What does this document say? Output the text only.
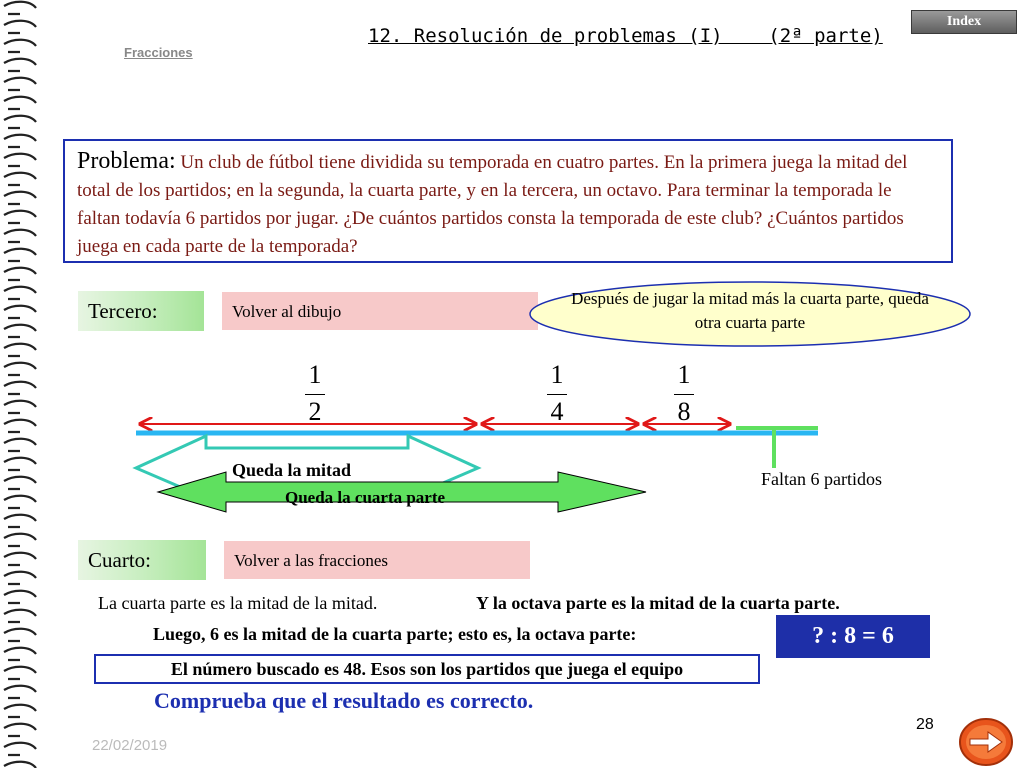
12. Resolución de problemas (I)    (2ª parte)
Fracciones
Index
Problema: Un club de fútbol tiene dividida su temporada en cuatro partes. En la primera juega la mitad del total de los partidos; en la segunda, la cuarta parte, y en la tercera, un octavo. Para terminar la temporada le faltan todavía 6 partidos por jugar. ¿De cuántos partidos consta la temporada de este club? ¿Cuántos partidos juega en cada parte de la temporada?
Tercero:	Volver al dibujo
Después de jugar la mitad más la cuarta parte, queda otra cuarta parte
1
2
1
4
1
8
Queda la mitad
Queda la cuarta parte
Faltan 6 partidos
Cuarto:	Volver a las fracciones
La cuarta parte es la mitad de la mitad.	Y la octava parte es la mitad de la cuarta parte.
Luego, 6 es la mitad de la cuarta parte; esto es, la octava parte:	? : 8 = 6
El número buscado es 48. Esos son los partidos que juega el equipo
Comprueba que el resultado es correcto.
22/02/2019
28
